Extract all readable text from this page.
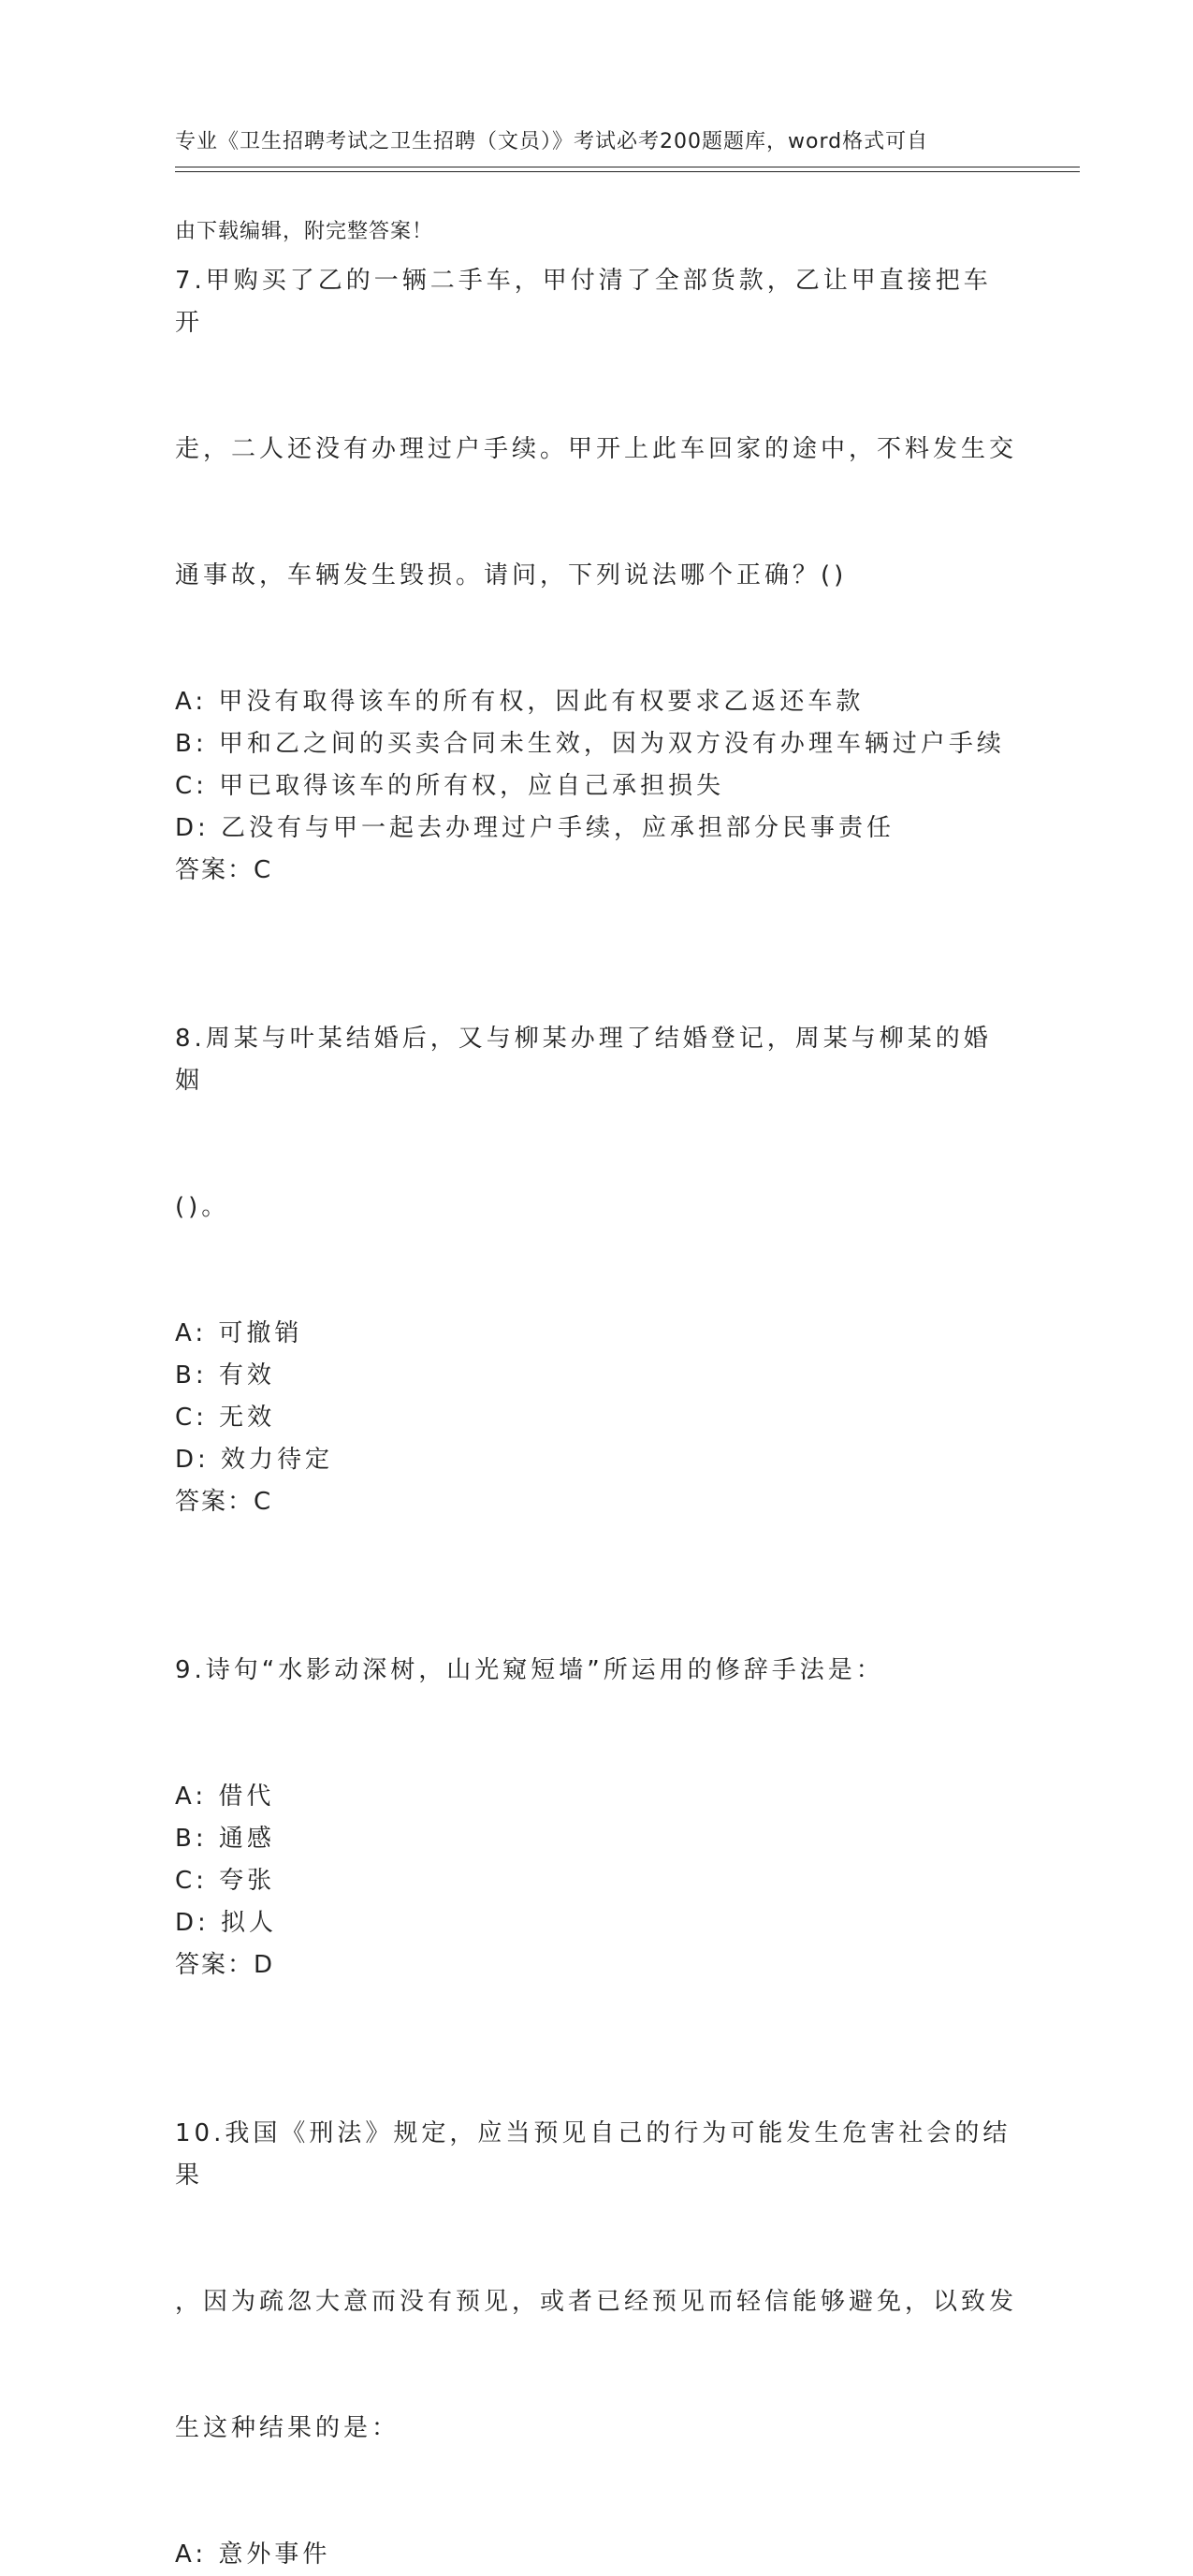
专业《卫生招聘考试之卫生招聘（文员）》考试必考200题题库，word格式可自

由下载编辑，附完整答案！

7.甲购买了乙的一辆二手车，甲付清了全部货款，乙让甲直接把车开

走，二人还没有办理过户手续。甲开上此车回家的途中，不料发生交

通事故，车辆发生毁损。请问，下列说法哪个正确？()

A: 甲没有取得该车的所有权，因此有权要求乙返还车款
B: 甲和乙之间的买卖合同未生效，因为双方没有办理车辆过户手续
C: 甲已取得该车的所有权，应自己承担损失
D: 乙没有与甲一起去办理过户手续，应承担部分民事责任
答案：C

8.周某与叶某结婚后，又与柳某办理了结婚登记，周某与柳某的婚姻

()。

A: 可撤销
B: 有效
C: 无效
D: 效力待定
答案：C

9.诗句“水影动深树，山光窥短墙”所运用的修辞手法是：

A: 借代
B: 通感
C: 夸张
D: 拟人
答案：D

10.我国《刑法》规定，应当预见自己的行为可能发生危害社会的结果

，因为疏忽大意而没有预见，或者已经预见而轻信能够避免，以致发

生这种结果的是：

A: 意外事件
